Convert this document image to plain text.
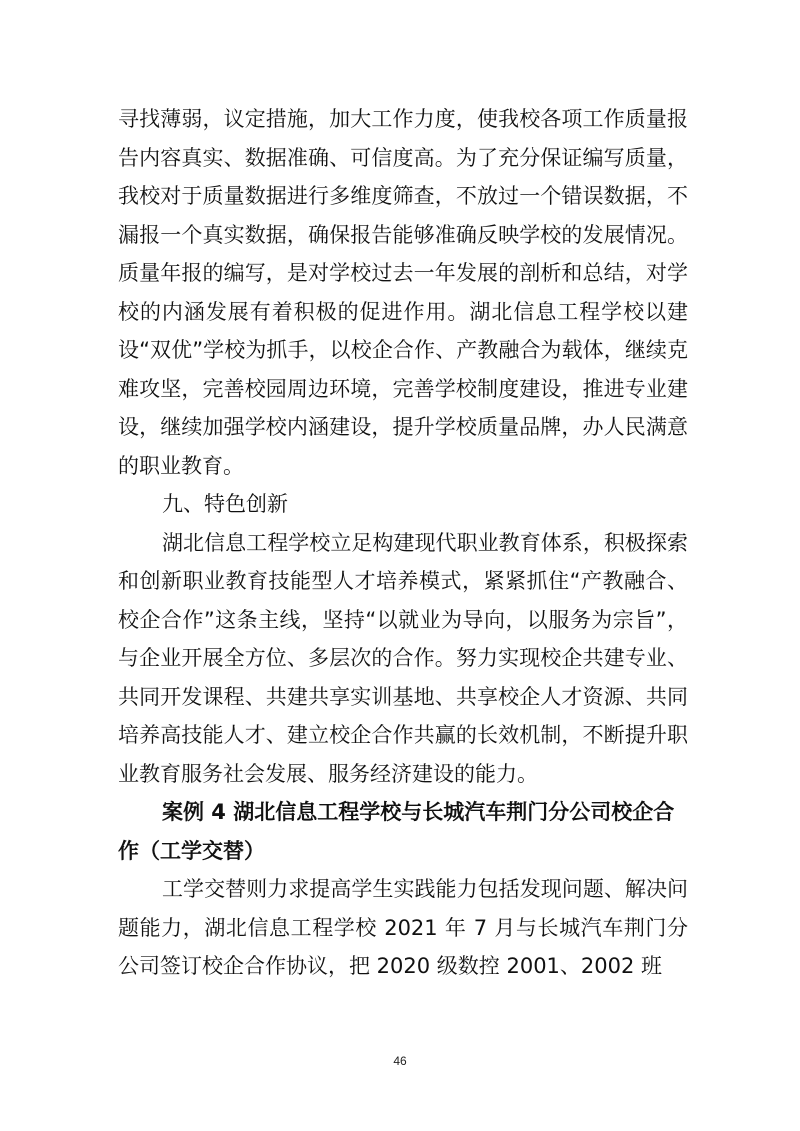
寻找薄弱，议定措施，加大工作力度，使我校各项工作质量报告内容真实、数据准确、可信度高。为了充分保证编写质量，我校对于质量数据进行多维度筛查，不放过一个错误数据，不漏报一个真实数据，确保报告能够准确反映学校的发展情况。质量年报的编写，是对学校过去一年发展的剖析和总结，对学校的内涵发展有着积极的促进作用。湖北信息工程学校以建设“双优”学校为抓手，以校企合作、产教融合为载体，继续克难攻坚，完善校园周边环境，完善学校制度建设，推进专业建设，继续加强学校内涵建设，提升学校质量品牌，办人民满意的职业教育。

九、特色创新

湖北信息工程学校立足构建现代职业教育体系，积极探索和创新职业教育技能型人才培养模式，紧紧抓住“产教融合、校企合作”这条主线，坚持“以就业为导向，以服务为宗旨”，与企业开展全方位、多层次的合作。努力实现校企共建专业、共同开发课程、共建共享实训基地、共享校企人才资源、共同培养高技能人才、建立校企合作共赢的长效机制，不断提升职业教育服务社会发展、服务经济建设的能力。

案例 4 湖北信息工程学校与长城汽车荆门分公司校企合作（工学交替）

工学交替则力求提高学生实践能力包括发现问题、解决问题能力，湖北信息工程学校 2021 年 7 月与长城汽车荆门分公司签订校企合作协议，把 2020 级数控 2001、2002 班

46
